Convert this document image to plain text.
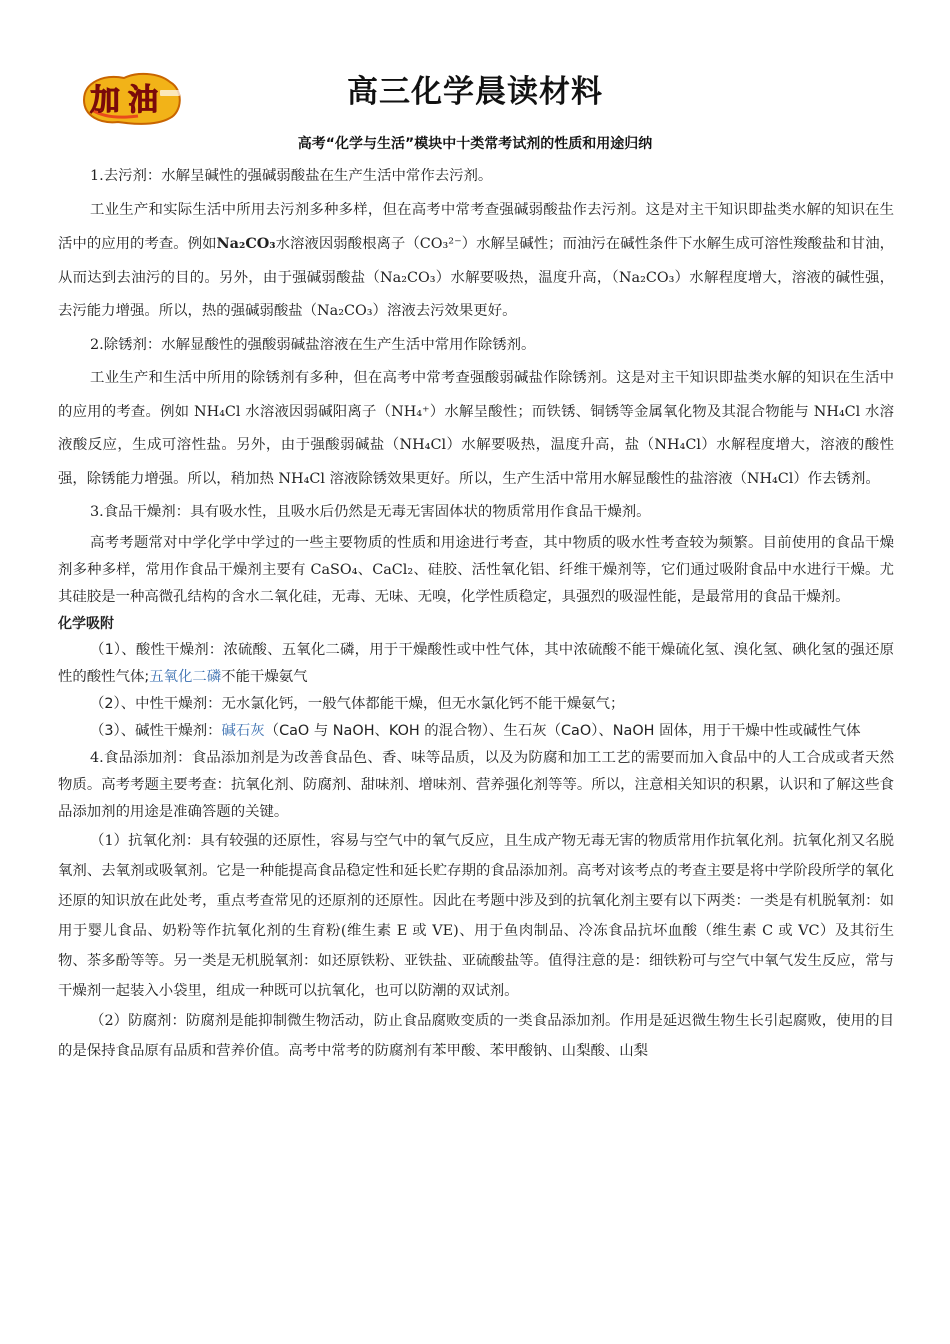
加 油	高三化学晨读材料
高考“化学与生活”模块中十类常考试剂的性质和用途归纳

1.去污剂：水解呈碱性的强碱弱酸盐在生产生活中常作去污剂。

工业生产和实际生活中所用去污剂多种多样，但在高考中常考查强碱弱酸盐作去污剂。这是对主干知识即盐类水解的知识在生活中的应用的考查。例如Na₂CO₃水溶液因弱酸根离子（CO₃²⁻）水解呈碱性；而油污在碱性条件下水解生成可溶性羧酸盐和甘油，从而达到去油污的目的。另外，由于强碱弱酸盐（Na₂CO₃）水解要吸热，温度升高，（Na₂CO₃）水解程度增大，溶液的碱性强，去污能力增强。所以，热的强碱弱酸盐（Na₂CO₃）溶液去污效果更好。

2.除锈剂：水解显酸性的强酸弱碱盐溶液在生产生活中常用作除锈剂。

工业生产和生活中所用的除锈剂有多种，但在高考中常考查强酸弱碱盐作除锈剂。这是对主干知识即盐类水解的知识在生活中的应用的考查。例如 NH₄Cl 水溶液因弱碱阳离子（NH₄⁺）水解呈酸性；而铁锈、铜锈等金属氧化物及其混合物能与 NH₄Cl 水溶液酸反应，生成可溶性盐。另外，由于强酸弱碱盐（NH₄Cl）水解要吸热，温度升高，盐（NH₄Cl）水解程度增大，溶液的酸性强，除锈能力增强。所以，稍加热 NH₄Cl 溶液除锈效果更好。所以，生产生活中常用水解显酸性的盐溶液（NH₄Cl）作去锈剂。

3.食品干燥剂：具有吸水性，且吸水后仍然是无毒无害固体状的物质常用作食品干燥剂。

高考考题常对中学化学中学过的一些主要物质的性质和用途进行考查，其中物质的吸水性考查较为频繁。目前使用的食品干燥剂多种多样，常用作食品干燥剂主要有 CaSO₄、CaCl₂、硅胶、活性氧化铝、纤维干燥剂等，它们通过吸附食品中水进行干燥。尤其硅胶是一种高微孔结构的含水二氧化硅，无毒、无味、无嗅，化学性质稳定，具强烈的吸湿性能，是最常用的食品干燥剂。

化学吸附

（1）、酸性干燥剂：浓硫酸、五氧化二磷，用于干燥酸性或中性气体，其中浓硫酸不能干燥硫化氢、溴化氢、碘化氢的强还原性的酸性气体;五氧化二磷不能干燥氨气

（2）、中性干燥剂：无水氯化钙，一般气体都能干燥，但无水氯化钙不能干燥氨气；

（3）、碱性干燥剂：碱石灰（CaO 与 NaOH、KOH 的混合物）、生石灰（CaO）、NaOH 固体，用于干燥中性或碱性气体

4.食品添加剂：食品添加剂是为改善食品色、香、味等品质，以及为防腐和加工工艺的需要而加入食品中的人工合成或者天然物质。高考考题主要考查：抗氧化剂、防腐剂、甜味剂、增味剂、营养强化剂等等。所以，注意相关知识的积累，认识和了解这些食品添加剂的用途是准确答题的关键。

（1）抗氧化剂：具有较强的还原性，容易与空气中的氧气反应，且生成产物无毒无害的物质常用作抗氧化剂。抗氧化剂又名脱氧剂、去氧剂或吸氧剂。它是一种能提高食品稳定性和延长贮存期的食品添加剂。高考对该考点的考查主要是将中学阶段所学的氧化还原的知识放在此处考，重点考查常见的还原剂的还原性。因此在考题中涉及到的抗氧化剂主要有以下两类：一类是有机脱氧剂：如用于婴儿食品、奶粉等作抗氧化剂的生育粉(维生素 E 或 VE)、用于鱼肉制品、冷冻食品抗坏血酸（维生素 C 或 VC）及其衍生物、茶多酚等等。另一类是无机脱氧剂：如还原铁粉、亚铁盐、亚硫酸盐等。值得注意的是：细铁粉可与空气中氧气发生反应，常与干燥剂一起装入小袋里，组成一种既可以抗氧化，也可以防潮的双试剂。

（2）防腐剂：防腐剂是能抑制微生物活动，防止食品腐败变质的一类食品添加剂。作用是延迟微生物生长引起腐败，使用的目的是保持食品原有品质和营养价值。高考中常考的防腐剂有苯甲酸、苯甲酸钠、山梨酸、山梨
